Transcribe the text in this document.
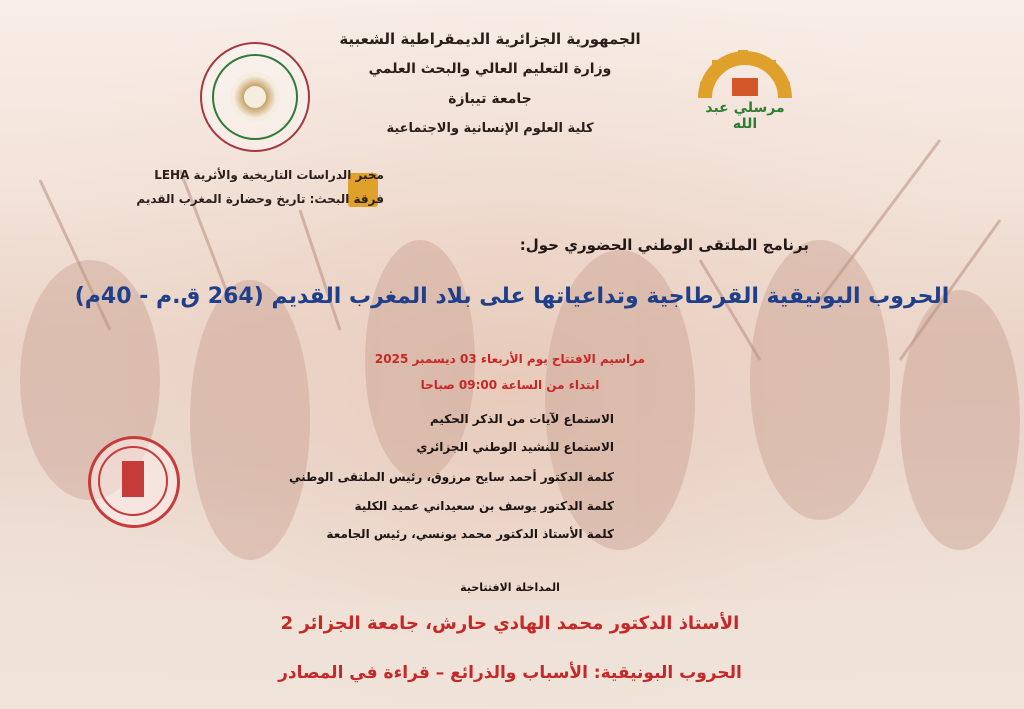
مرسلي عبد الله
الجمهورية الجزائرية الديمقراطية الشعبية
وزارة التعليم العالي والبحث العلمي
جامعة تيبازة
كلية العلوم الإنسانية والاجتماعية
مخبر الدراسات التاريخية والأثرية LEHA
فرقة البحث: تاريخ وحضارة المغرب القديم
برنامج الملتقى الوطني الحضوري حول:
الحروب البونيقية القرطاجية وتداعياتها على بلاد المغرب القديم (264 ق.م - 40م)
مراسيم الافتتاح يوم الأربعاء 03 ديسمبر 2025
ابتداء من الساعة 09:00 صباحا
الاستماع لآيات من الذكر الحكيم
الاستماع للنشيد الوطني الجزائري
كلمة الدكتور أحمد سايح مرزوق، رئيس الملتقى الوطني
كلمة الدكتور يوسف بن سعيداني عميد الكلية
كلمة الأستاذ الدكتور محمد يونسي، رئيس الجامعة
المداخلة الافتتاحية
الأستاذ الدكتور محمد الهادي حارش، جامعة الجزائر 2
الحروب البونيقية: الأسباب والذرائع – قراءة في المصادر
